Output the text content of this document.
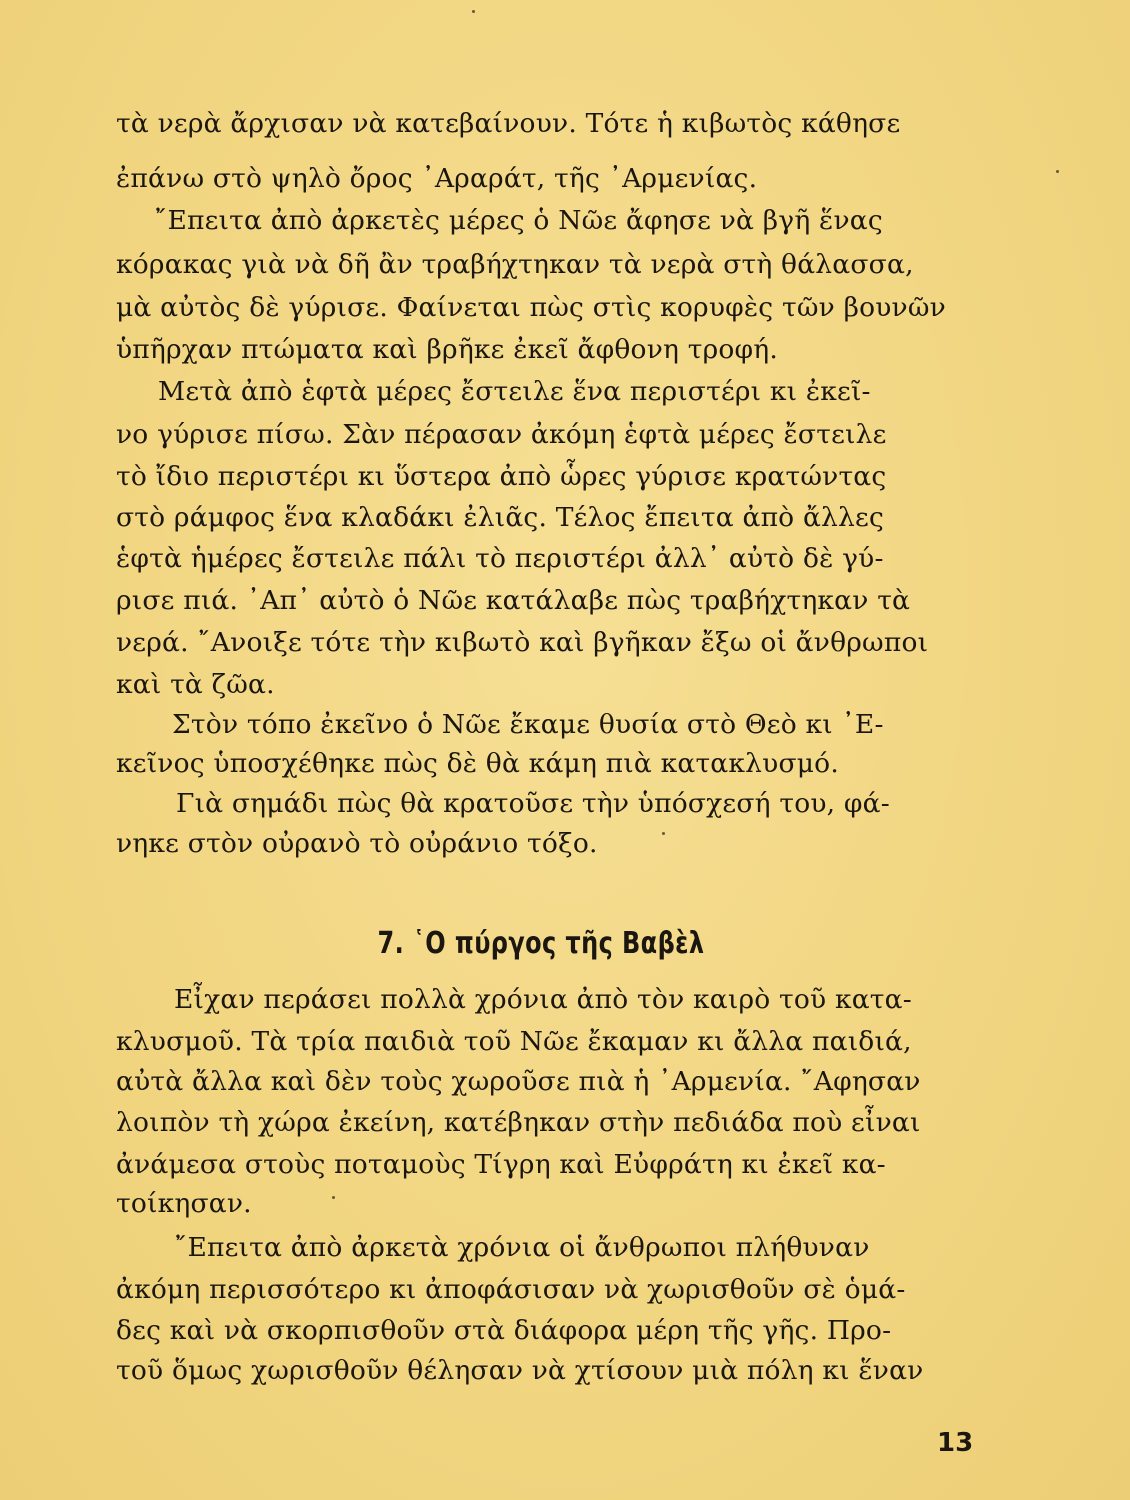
τὰ νερὰ ἄρχισαν νὰ κατεβαίνουν. Τότε ἡ κιβωτὸς κάθησε
ἐπάνω στὸ ψηλὸ ὄρος ᾿Αραράτ, τῆς ᾿Αρμενίας.
῎Επειτα ἀπὸ ἀρκετὲς μέρες ὁ Νῶε ἄφησε νὰ βγῆ ἕνας
κόρακας γιὰ νὰ δῆ ἂν τραβήχτηκαν τὰ νερὰ στὴ θάλασσα,
μὰ αὐτὸς δὲ γύρισε. Φαίνεται πὼς στὶς κορυφὲς τῶν βουνῶν
ὑπῆρχαν πτώματα καὶ βρῆκε ἐκεῖ ἄφθονη τροφή.
Μετὰ ἀπὸ ἑφτὰ μέρες ἔστειλε ἕνα περιστέρι κι ἐκεῖ-
νο γύρισε πίσω. Σὰν πέρασαν ἀκόμη ἑφτὰ μέρες ἔστειλε
τὸ ἴδιο περιστέρι κι ὕστερα ἀπὸ ὧρες γύρισε κρατώντας
στὸ ράμφος ἕνα κλαδάκι ἐλιᾶς. Τέλος ἔπειτα ἀπὸ ἄλλες
ἑφτὰ ἡμέρες ἔστειλε πάλι τὸ περιστέρι ἀλλ᾿ αὐτὸ δὲ γύ-
ρισε πιά. ᾿Απ᾿ αὐτὸ ὁ Νῶε κατάλαβε πὼς τραβήχτηκαν τὰ
νερά. ῎Ανοιξε τότε τὴν κιβωτὸ καὶ βγῆκαν ἔξω οἱ ἄνθρωποι
καὶ τὰ ζῶα.
Στὸν τόπο ἐκεῖνο ὁ Νῶε ἔκαμε θυσία στὸ Θεὸ κι ᾿Ε-
κεῖνος ὑποσχέθηκε πὼς δὲ θὰ κάμη πιὰ κατακλυσμό.
Γιὰ σημάδι πὼς θὰ κρατοῦσε τὴν ὑπόσχεσή του, φά-
νηκε στὸν οὐρανὸ τὸ οὐράνιο τόξο.
7. ῾Ο πύργος τῆς Βαβὲλ
Εἶχαν περάσει πολλὰ χρόνια ἀπὸ τὸν καιρὸ τοῦ κατα-
κλυσμοῦ. Τὰ τρία παιδιὰ τοῦ Νῶε ἔκαμαν κι ἄλλα παιδιά,
αὐτὰ ἄλλα καὶ δὲν τοὺς χωροῦσε πιὰ ἡ ᾿Αρμενία. ῎Αφησαν
λοιπὸν τὴ χώρα ἐκείνη, κατέβηκαν στὴν πεδιάδα ποὺ εἶναι
ἀνάμεσα στοὺς ποταμοὺς Τίγρη καὶ Εὐφράτη κι ἐκεῖ κα-
τοίκησαν.
῎Επειτα ἀπὸ ἀρκετὰ χρόνια οἱ ἄνθρωποι πλήθυναν
ἀκόμη περισσότερο κι ἀποφάσισαν νὰ χωρισθοῦν σὲ ὁμά-
δες καὶ νὰ σκορπισθοῦν στὰ διάφορα μέρη τῆς γῆς. Προ-
τοῦ ὅμως χωρισθοῦν θέλησαν νὰ χτίσουν μιὰ πόλη κι ἕναν
13
